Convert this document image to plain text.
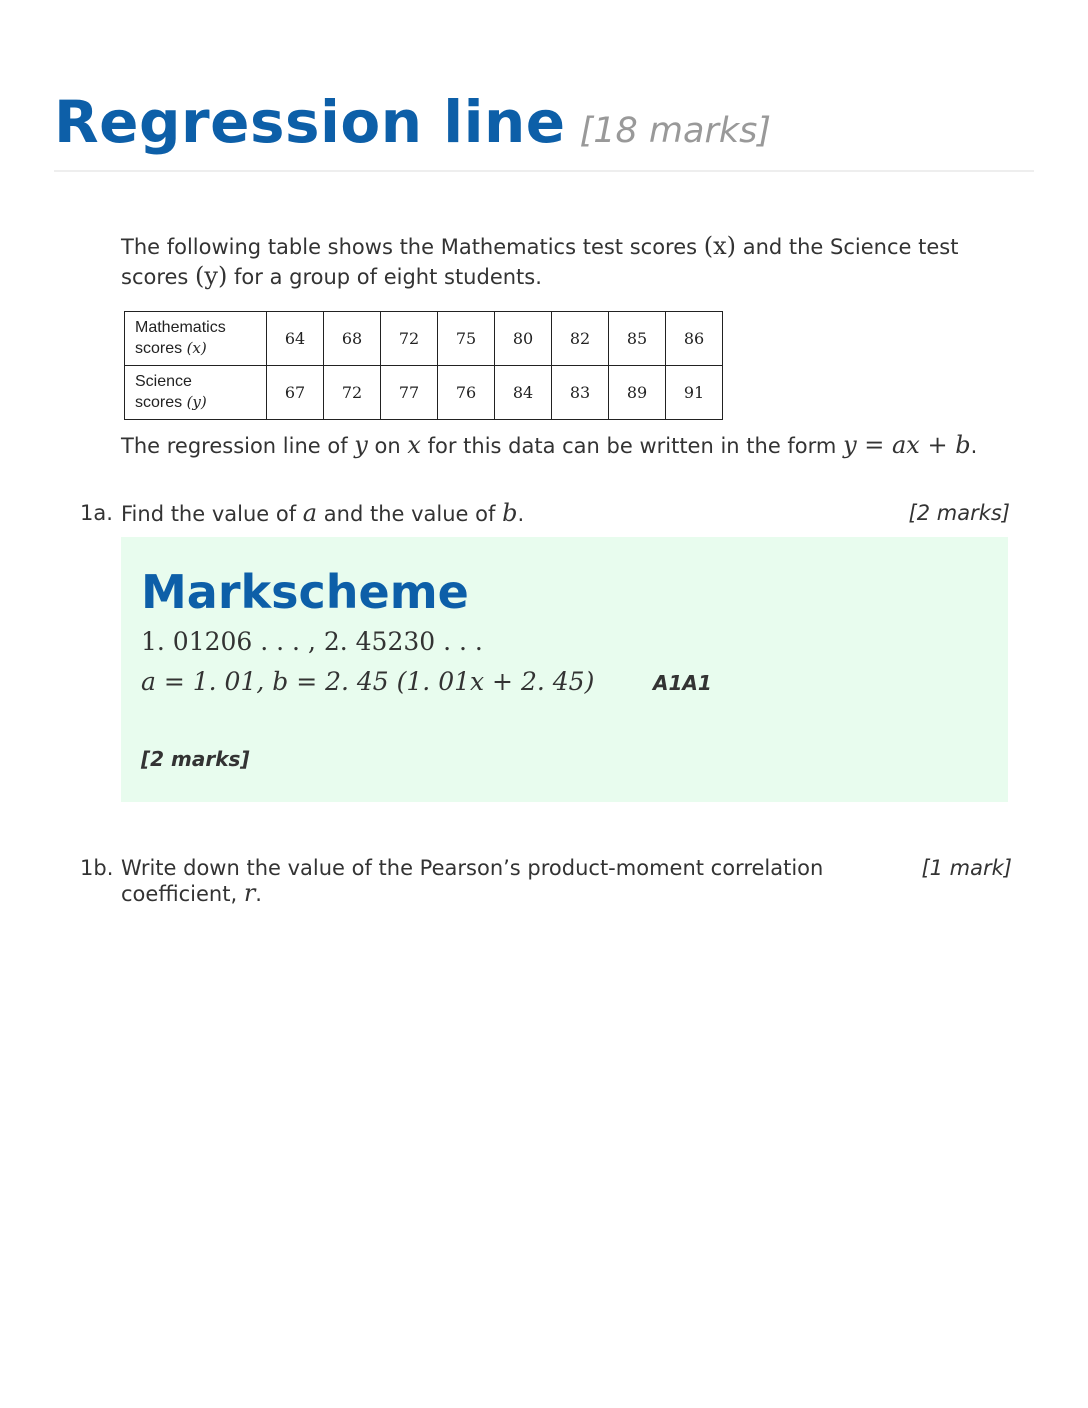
Regression line [18 marks]
The following table shows the Mathematics test scores (x) and the Science test scores (y) for a group of eight students.
Mathematics
scores (x)	64	68	72	75	80	82	85	86
Science
scores (y)	67	72	77	76	84	83	89	91
The regression line of y on x for this data can be written in the form y = ax + b.
1a. Find the value of a and the value of b.	[2 marks]
Markscheme
1. 01206 . . . , 2. 45230 . . .
a = 1. 01, b = 2. 45 (1. 01x + 2. 45)	A1A1
[2 marks]
1b. Write down the value of the Pearson’s product-moment correlation
coefficient, r.
[1 mark]
